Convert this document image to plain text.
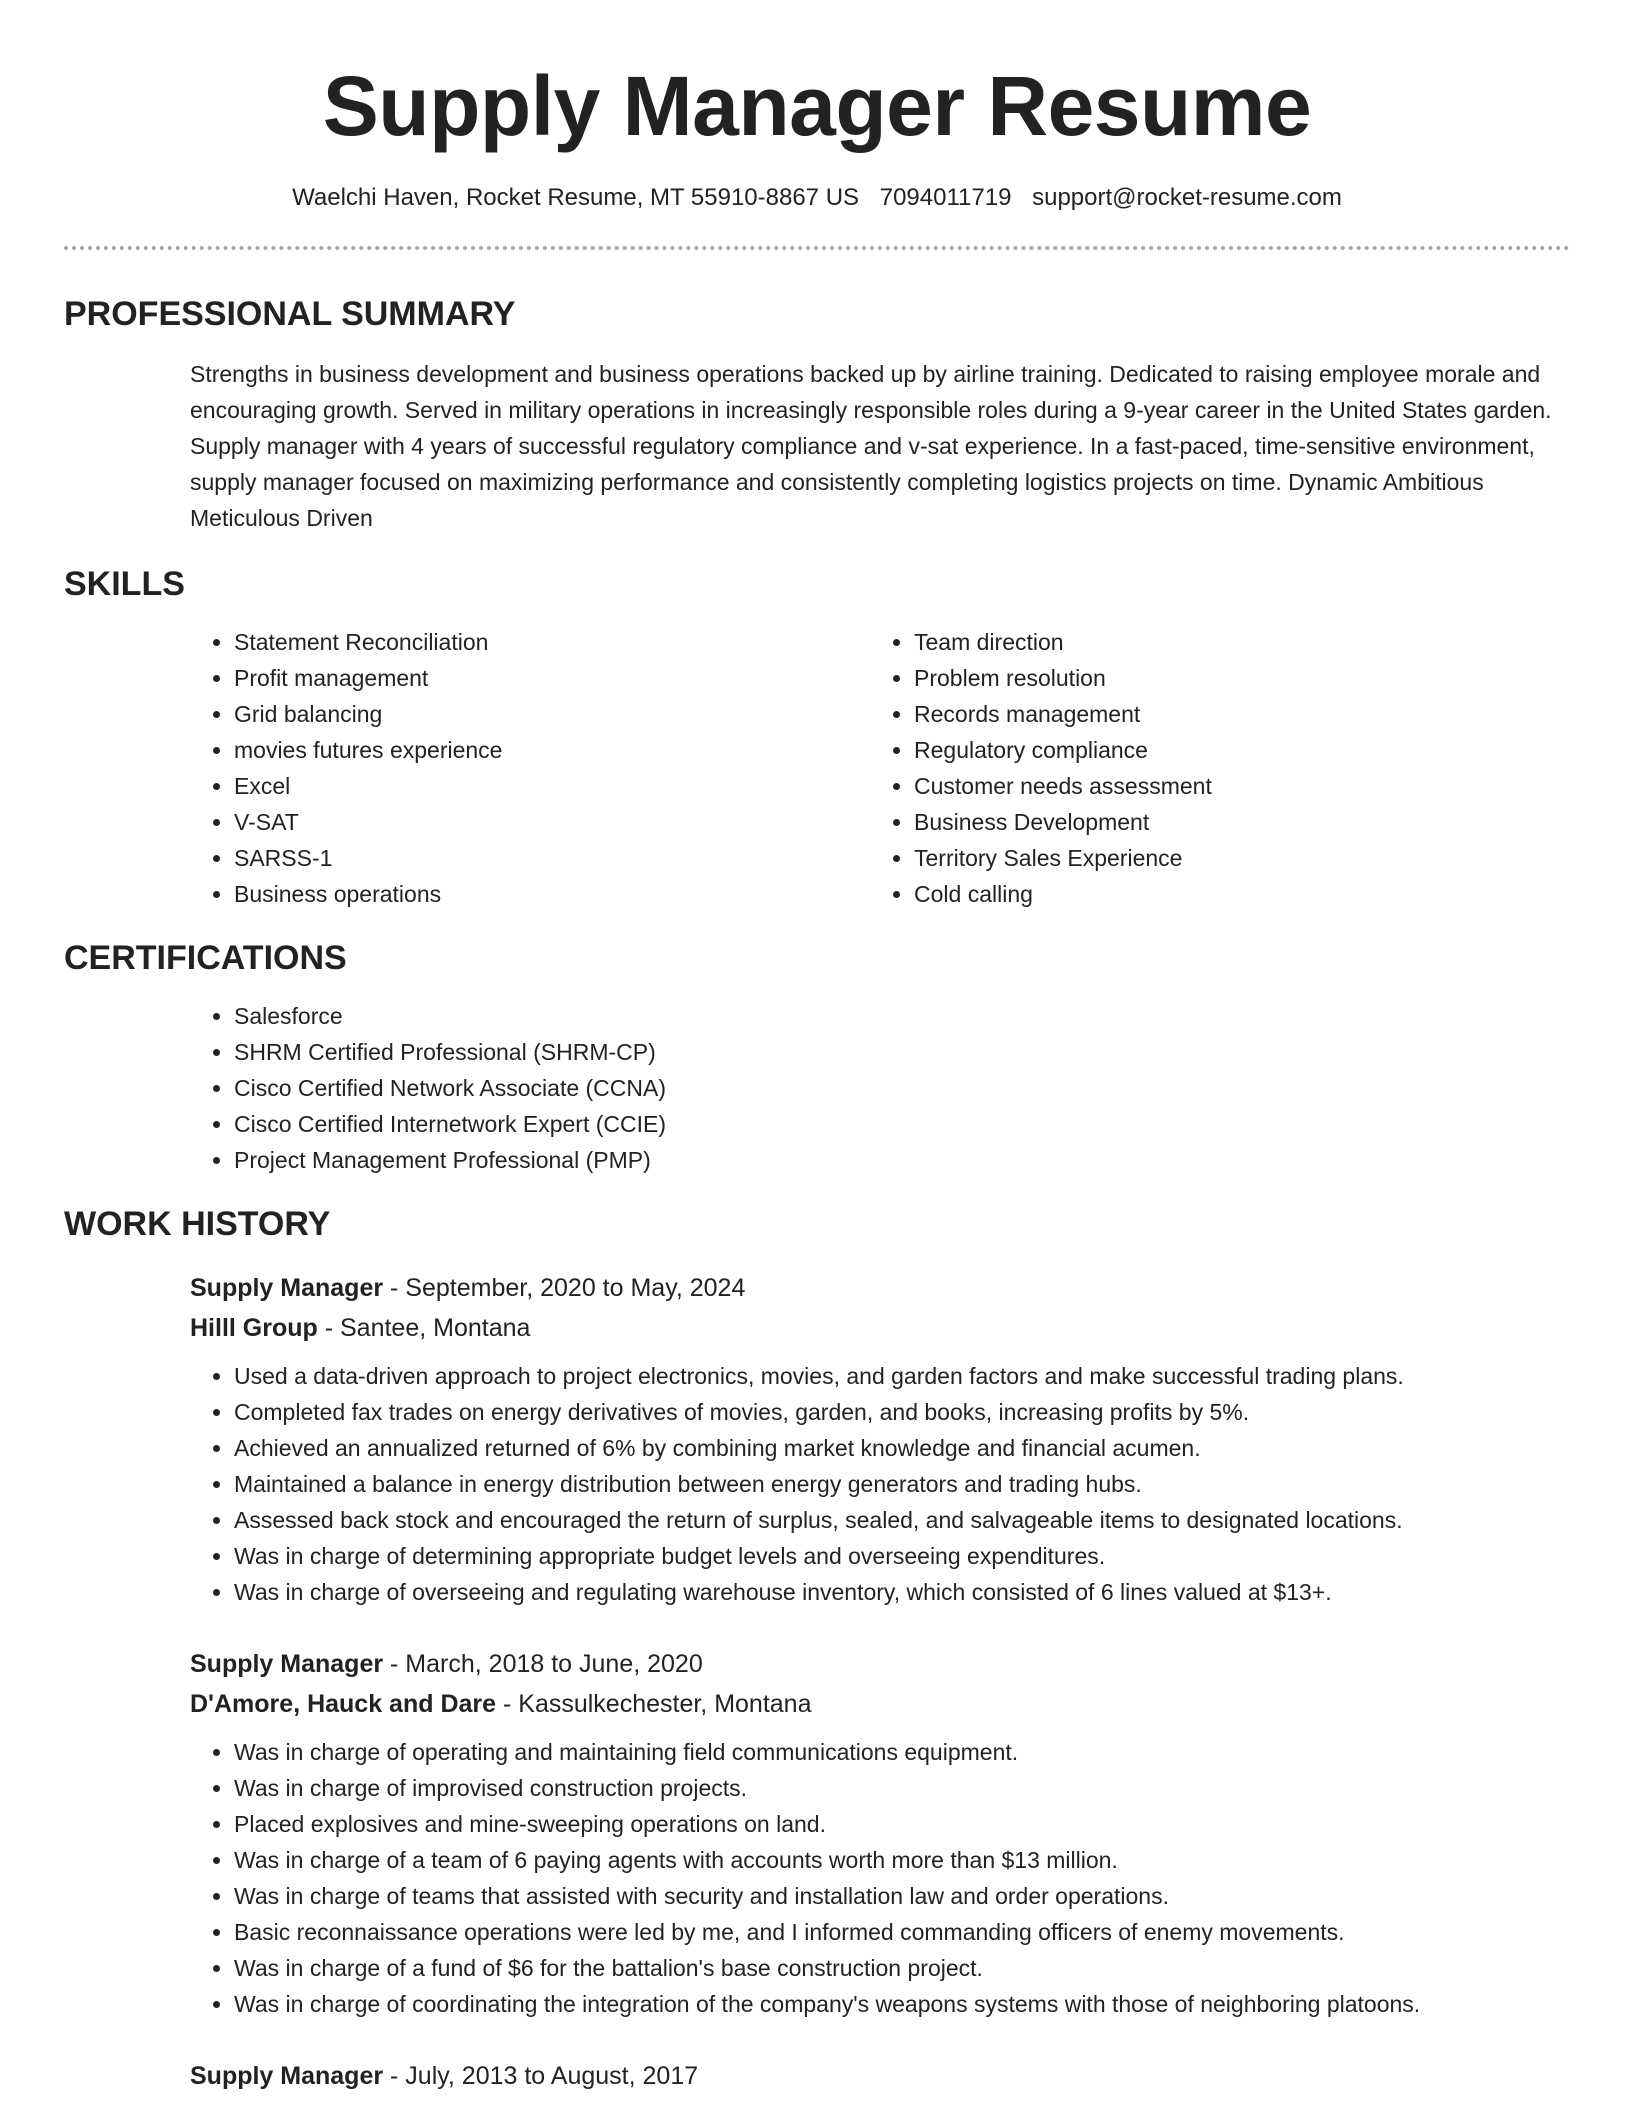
Supply Manager Resume
Waelchi Haven, Rocket Resume, MT 55910-8867 US 7094011719 support@rocket-resume.com
PROFESSIONAL SUMMARY
Strengths in business development and business operations backed up by airline training. Dedicated to raising employee morale and encouraging growth. Served in military operations in increasingly responsible roles during a 9-year career in the United States garden. Supply manager with 4 years of successful regulatory compliance and v-sat experience. In a fast-paced, time-sensitive environment, supply manager focused on maximizing performance and consistently completing logistics projects on time. Dynamic Ambitious Meticulous Driven
SKILLS
• Statement Reconciliation
• Profit management
• Grid balancing
• movies futures experience
• Excel
• V-SAT
• SARSS-1
• Business operations
• Team direction
• Problem resolution
• Records management
• Regulatory compliance
• Customer needs assessment
• Business Development
• Territory Sales Experience
• Cold calling
CERTIFICATIONS
• Salesforce
• SHRM Certified Professional (SHRM-CP)
• Cisco Certified Network Associate (CCNA)
• Cisco Certified Internetwork Expert (CCIE)
• Project Management Professional (PMP)
WORK HISTORY
Supply Manager - September, 2020 to May, 2024
Hilll Group - Santee, Montana
• Used a data-driven approach to project electronics, movies, and garden factors and make successful trading plans.
• Completed fax trades on energy derivatives of movies, garden, and books, increasing profits by 5%.
• Achieved an annualized returned of 6% by combining market knowledge and financial acumen.
• Maintained a balance in energy distribution between energy generators and trading hubs.
• Assessed back stock and encouraged the return of surplus, sealed, and salvageable items to designated locations.
• Was in charge of determining appropriate budget levels and overseeing expenditures.
• Was in charge of overseeing and regulating warehouse inventory, which consisted of 6 lines valued at $13+.
Supply Manager - March, 2018 to June, 2020
D'Amore, Hauck and Dare - Kassulkechester, Montana
• Was in charge of operating and maintaining field communications equipment.
• Was in charge of improvised construction projects.
• Placed explosives and mine-sweeping operations on land.
• Was in charge of a team of 6 paying agents with accounts worth more than $13 million.
• Was in charge of teams that assisted with security and installation law and order operations.
• Basic reconnaissance operations were led by me, and I informed commanding officers of enemy movements.
• Was in charge of a fund of $6 for the battalion's base construction project.
• Was in charge of coordinating the integration of the company's weapons systems with those of neighboring platoons.
Supply Manager - July, 2013 to August, 2017
